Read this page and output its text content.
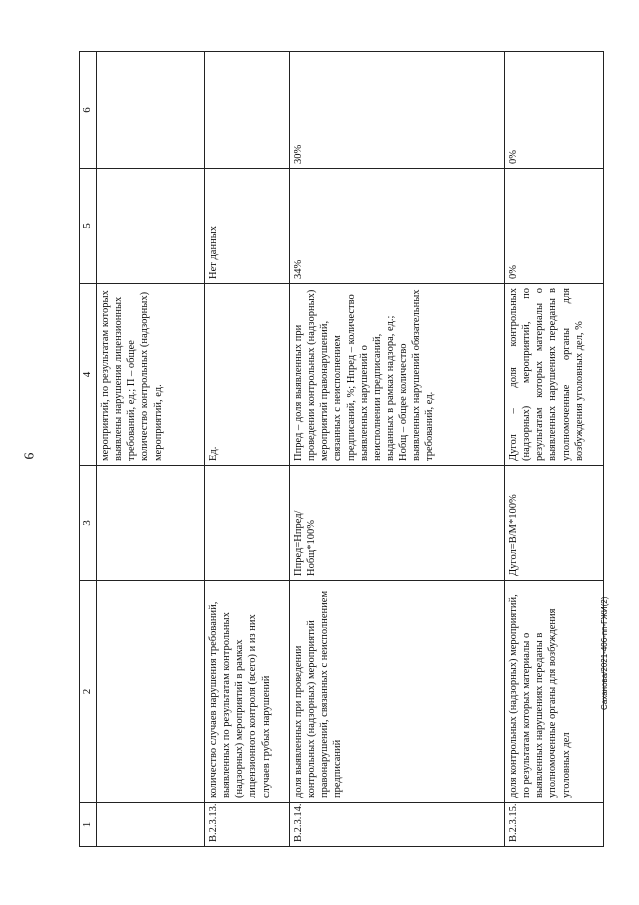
9
1	2	3	4	5	6
			мероприятий, по результатам которых выявлены нарушения лицензионных требований, ед.; П – общее количество контрольных (надзорных) мероприятий, ед.		
В.2.3.13.	количество случаев нарушения требований, выявленных по результатам контрольных (надзорных) мероприятий в рамках лицензионного контроля (всего) и из них случаев грубых нарушений		Ед.	Нет данных	
В.2.3.14.	доля выявленных при проведении контрольных (надзорных) мероприятий правонарушений, связанных с неисполнением предписаний	Ппред=Нпред/Нобщ*100%	Ппред – доля выявленных при проведении контрольных (надзорных) мероприятий правонарушений, связанных с неисполнением предписаний, %; Нпред – количество выявленных нарушений о неисполнении предписаний, выданных в рамках надзора, ед.; Нобщ – общее количество выявленных нарушений обязательных требований, ед.	34%	30%
В.2.3.15.	доля контрольных (надзорных) мероприятий, по результатам которых материалы о выявленных нарушениях переданы в уполномоченные органы для возбуждения уголовных дел	Дугол=В/М*100%	Дугол – доля контрольных (надзорных) мероприятий, по результатам которых материалы о выявленных нарушениях переданы в уполномоченные органы для возбуждения уголовных дел, %	0%	0%
Саханова/2021-406-пп-ГЖИ(2)
